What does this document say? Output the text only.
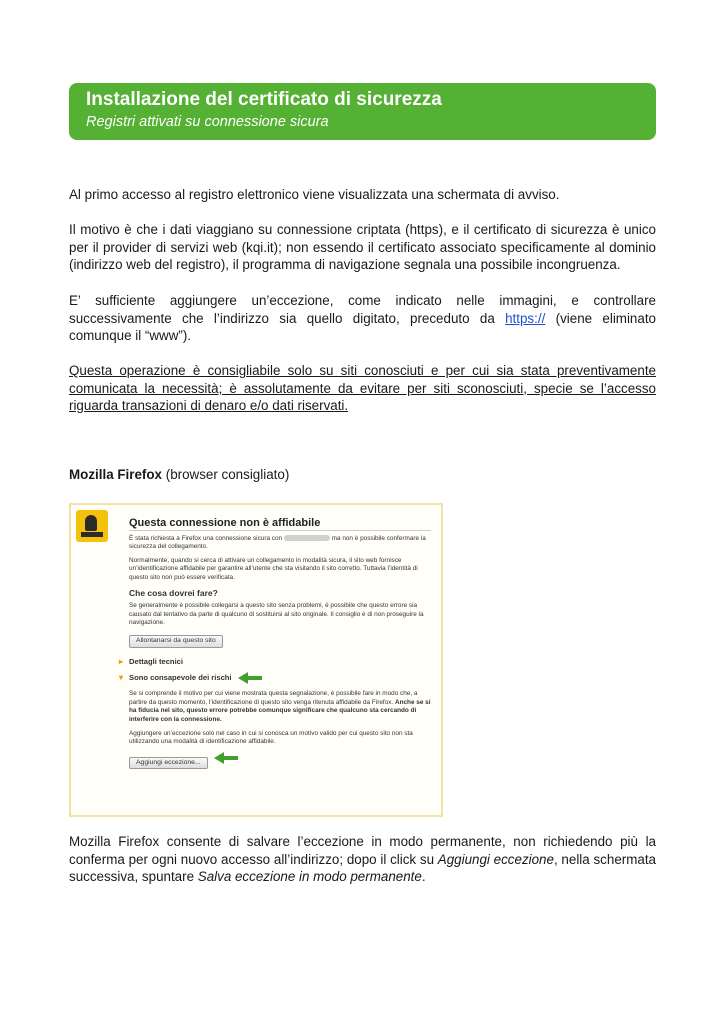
Installazione del certificato di sicurezza
Registri attivati su connessione sicura

Al primo accesso al registro elettronico viene visualizzata una schermata di avviso.

Il motivo è che i dati viaggiano su connessione criptata (https), e il certificato di sicurezza è unico per il provider di servizi web (kqi.it); non essendo il certificato associato specificamente al dominio (indirizzo web del registro), il programma di navigazione segnala una possibile incongruenza.

E’ sufficiente aggiungere un’eccezione, come indicato nelle immagini, e controllare successivamente che l’indirizzo sia quello digitato, preceduto da https:// (viene eliminato comunque il “www”).

Questa operazione è consigliabile solo su siti conosciuti e per cui sia stata preventivamente comunicata la necessità; è assolutamente da evitare per siti sconosciuti, specie se l’accesso riguarda transazioni di denaro e/o dati riservati.

Mozilla Firefox (browser consigliato)
Questa connessione non è affidabile

È stata richiesta a Firefox una connessione sicura con	ma non è possibile confermare la sicurezza del collegamento.

Normalmente, quando si cerca di attivare un collegamento in modalità sicura, il sito web fornisce un’identificazione affidabile per garantire all’utente che sta visitando il sito corretto. Tuttavia l’identità di questo sito non può essere verificata.

Che cosa dovrei fare?

Se generalmente è possibile collegarsi a questo sito senza problemi, è possibile che questo errore sia causato dal tentativo da parte di qualcuno di sostituirsi al sito originale. Il consiglio è di non proseguire la navigazione.

Allontanarsi da questo sito
▸ Dettagli tecnici
▾ Sono consapevole dei rischi

Se si comprende il motivo per cui viene mostrata questa segnalazione, è possibile fare in modo che, a partire da questo momento, l’identificazione di questo sito venga ritenuta affidabile da Firefox. Anche se si ha fiducia nel sito, questo errore potrebbe comunque significare che qualcuno sta cercando di interferire con la connessione.

Aggiungere un’eccezione solo nel caso in cui si conosca un motivo valido per cui questo sito non sta utilizzando una modalità di identificazione affidabile.

Aggiungi eccezione...

Mozilla Firefox consente di salvare l’eccezione in modo permanente, non richiedendo più la conferma per ogni nuovo accesso all’indirizzo; dopo il click su Aggiungi eccezione, nella schermata successiva, spuntare Salva eccezione in modo permanente.
